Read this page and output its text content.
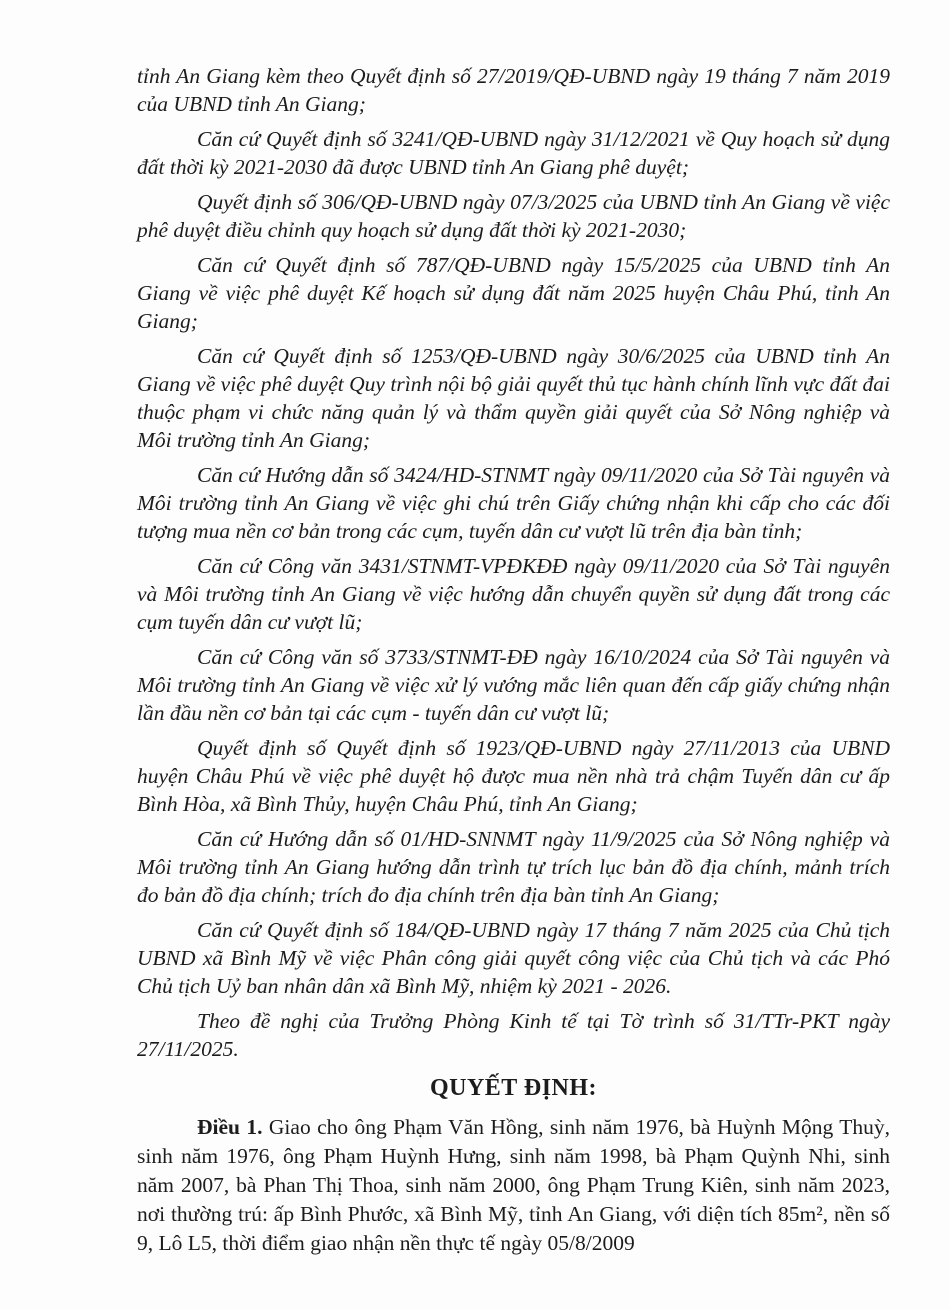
tỉnh An Giang kèm theo Quyết định số 27/2019/QĐ-UBND ngày 19 tháng 7 năm 2019 của UBND tỉnh An Giang;

Căn cứ Quyết định số 3241/QĐ-UBND ngày 31/12/2021 về Quy hoạch sử dụng đất thời kỳ 2021-2030 đã được UBND tỉnh An Giang phê duyệt;

Quyết định số 306/QĐ-UBND ngày 07/3/2025 của UBND tỉnh An Giang về việc phê duyệt điều chỉnh quy hoạch sử dụng đất thời kỳ 2021-2030;

Căn cứ Quyết định số 787/QĐ-UBND ngày 15/5/2025 của UBND tỉnh An Giang về việc phê duyệt Kế hoạch sử dụng đất năm 2025 huyện Châu Phú, tỉnh An Giang;

Căn cứ Quyết định số 1253/QĐ-UBND ngày 30/6/2025 của UBND tỉnh An Giang về việc phê duyệt Quy trình nội bộ giải quyết thủ tục hành chính lĩnh vực đất đai thuộc phạm vi chức năng quản lý và thẩm quyền giải quyết của Sở Nông nghiệp và Môi trường tỉnh An Giang;

Căn cứ Hướng dẫn số 3424/HD-STNMT ngày 09/11/2020 của Sở Tài nguyên và Môi trường tỉnh An Giang về việc ghi chú trên Giấy chứng nhận khi cấp cho các đối tượng mua nền cơ bản trong các cụm, tuyến dân cư vượt lũ trên địa bàn tỉnh;

Căn cứ Công văn 3431/STNMT-VPĐKĐĐ ngày 09/11/2020 của Sở Tài nguyên và Môi trường tỉnh An Giang về việc hướng dẫn chuyển quyền sử dụng đất trong các cụm tuyến dân cư vượt lũ;

Căn cứ Công văn số 3733/STNMT-ĐĐ ngày 16/10/2024 của Sở Tài nguyên và Môi trường tỉnh An Giang về việc xử lý vướng mắc liên quan đến cấp giấy chứng nhận lần đầu nền cơ bản tại các cụm - tuyến dân cư vượt lũ;

Quyết định số Quyết định số 1923/QĐ-UBND ngày 27/11/2013 của UBND huyện Châu Phú về việc phê duyệt hộ được mua nền nhà trả chậm Tuyến dân cư ấp Bình Hòa, xã Bình Thủy, huyện Châu Phú, tỉnh An Giang;

Căn cứ Hướng dẫn số 01/HD-SNNMT ngày 11/9/2025 của Sở Nông nghiệp và Môi trường tỉnh An Giang hướng dẫn trình tự trích lục bản đồ địa chính, mảnh trích đo bản đồ địa chính; trích đo địa chính trên địa bàn tỉnh An Giang;

Căn cứ Quyết định số 184/QĐ-UBND ngày 17 tháng 7 năm 2025 của Chủ tịch UBND xã Bình Mỹ về việc Phân công giải quyết công việc của Chủ tịch và các Phó Chủ tịch Uỷ ban nhân dân xã Bình Mỹ, nhiệm kỳ 2021 - 2026.

Theo đề nghị của Trưởng Phòng Kinh tế tại Tờ trình số 31/TTr-PKT ngày 27/11/2025.

QUYẾT ĐỊNH:

Điều 1. Giao cho ông Phạm Văn Hồng, sinh năm 1976, bà Huỳnh Mộng Thuỳ, sinh năm 1976, ông Phạm Huỳnh Hưng, sinh năm 1998, bà Phạm Quỳnh Nhi, sinh năm 2007, bà Phan Thị Thoa, sinh năm 2000, ông Phạm Trung Kiên, sinh năm 2023, nơi thường trú: ấp Bình Phước, xã Bình Mỹ, tỉnh An Giang, với diện tích 85m², nền số 9, Lô L5, thời điểm giao nhận nền thực tế ngày 05/8/2009
